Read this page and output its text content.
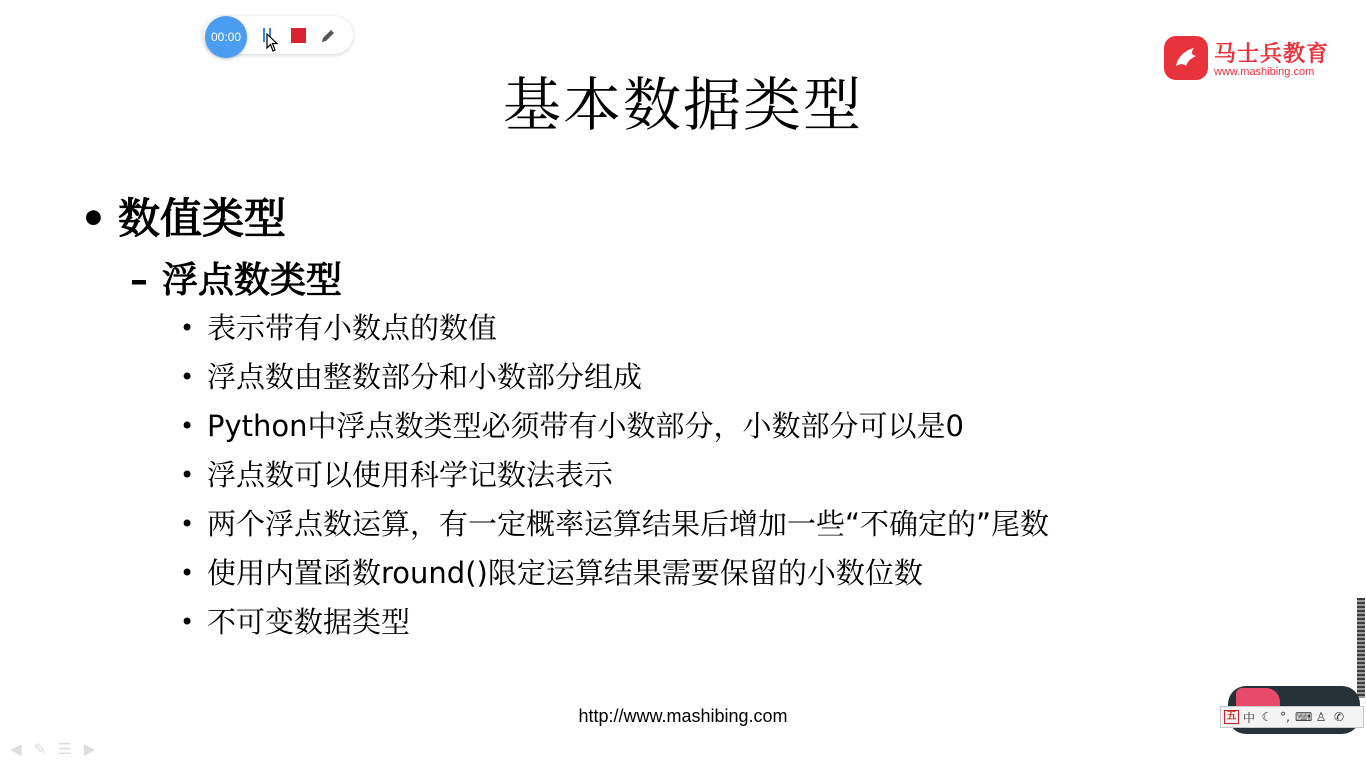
00:00
马士兵教育
www.mashibing.com
基本数据类型
• 数值类型
– 浮点数类型
• 表示带有小数点的数值
• 浮点数由整数部分和小数部分组成
• Python中浮点数类型必须带有小数部分，小数部分可以是0
• 浮点数可以使用科学记数法表示
• 两个浮点数运算，有一定概率运算结果后增加一些“不确定的”尾数
• 使用内置函数round()限定运算结果需要保留的小数位数
• 不可变数据类型
http://www.mashibing.com
◀ ✎ ☰ ▶
五 中 ☾ °, ⌨ ♙ ✆
